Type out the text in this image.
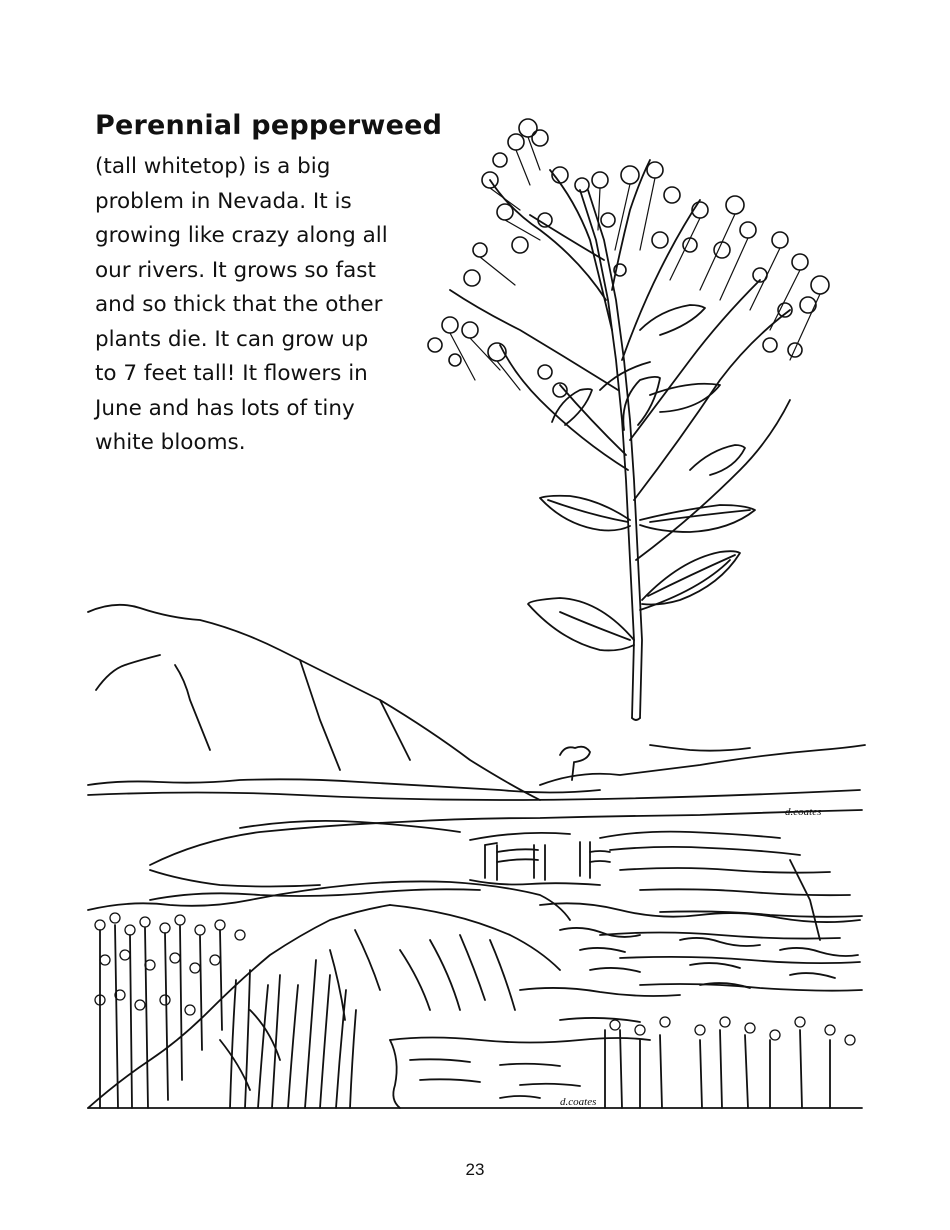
Perennial pepperweed
(tall whitetop) is a big
problem in Nevada. It is
growing like crazy along all
our rivers. It grows so fast
and so thick that the other
plants die. It can grow up
to 7 feet tall! It flowers in
June and has lots of tiny
white blooms.
d.coates
d.coates
23
